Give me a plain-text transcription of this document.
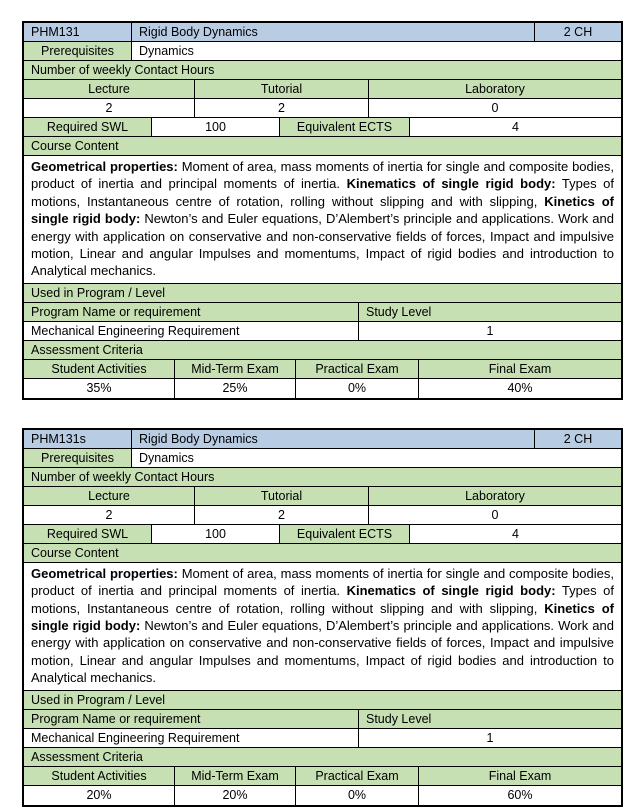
PHM131	Rigid Body Dynamics	2 CH
Prerequisites	Dynamics
Number of weekly Contact Hours
Lecture	Tutorial	Laboratory
2	2	0
Required SWL	100	Equivalent ECTS	4
Course Content
Geometrical properties: Moment of area, mass moments of inertia for single and composite bodies, product of inertia and principal moments of inertia. Kinematics of single rigid body: Types of motions, Instantaneous centre of rotation, rolling without slipping and with slipping, Kinetics of single rigid body: Newton’s and Euler equations, D’Alembert’s principle and applications. Work and energy with application on conservative and non-conservative fields of forces, Impact and impulsive motion, Linear and angular Impulses and momentums, Impact of rigid bodies and introduction to Analytical mechanics.
Used in Program / Level
Program Name or requirement	Study Level
Mechanical Engineering Requirement	1
Assessment Criteria
Student Activities	Mid-Term Exam	Practical Exam	Final Exam
35%	25%	0%	40%
PHM131s	Rigid Body Dynamics	2 CH
Prerequisites	Dynamics
Number of weekly Contact Hours
Lecture	Tutorial	Laboratory
2	2	0
Required SWL	100	Equivalent ECTS	4
Course Content
Geometrical properties: Moment of area, mass moments of inertia for single and composite bodies, product of inertia and principal moments of inertia. Kinematics of single rigid body: Types of motions, Instantaneous centre of rotation, rolling without slipping and with slipping, Kinetics of single rigid body: Newton’s and Euler equations, D’Alembert’s principle and applications. Work and energy with application on conservative and non-conservative fields of forces, Impact and impulsive motion, Linear and angular Impulses and momentums, Impact of rigid bodies and introduction to Analytical mechanics.
Used in Program / Level
Program Name or requirement	Study Level
Mechanical Engineering Requirement	1
Assessment Criteria
Student Activities	Mid-Term Exam	Practical Exam	Final Exam
20%	20%	0%	60%
